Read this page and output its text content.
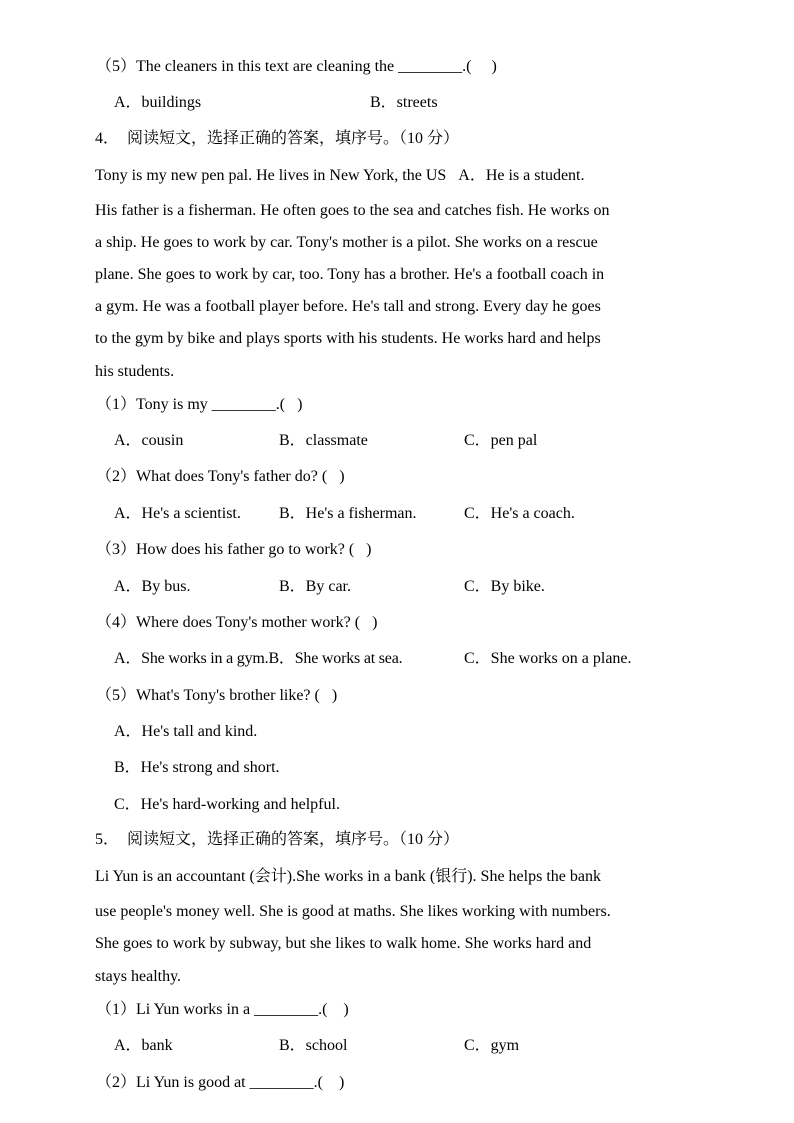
（5）The cleaners in this text are cleaning the ________.(     )
A．buildings	B．streets
4．　阅读短文，选择正确的答案，填序号。（10 分）
Tony is my new pen pal. He lives in New York, the US   A．He is a student.
His father is a fisherman. He often goes to the sea and catches fish. He works on
a ship. He goes to work by car. Tony's mother is a pilot. She works on a rescue
plane. She goes to work by car, too. Tony has a brother. He's a football coach in
a gym. He was a football player before. He's tall and strong. Every day he goes
to the gym by bike and plays sports with his students. He works hard and helps
his students.
（1）Tony is my ________.(   )
A．cousin	B．classmate	C．pen pal
（2）What does Tony's father do? (   )
A．He's a scientist. B．He's a fisherman.	C．He's a coach.
（3）How does his father go to work? (   )
A．By bus.	B．By car.	C．By bike.
（4）Where does Tony's mother work? (   )
A．She works in a gym.B．She works at sea.	C．She works on a plane.
（5）What's Tony's brother like? (   )
A．He's tall and kind.
B．He's strong and short.
C．He's hard-working and helpful.
5．　阅读短文，选择正确的答案，填序号。（10 分）
Li Yun is an accountant (会计).She works in a bank (银行). She helps the bank
use people's money well. She is good at maths. She likes working with numbers.
She goes to work by subway, but she likes to walk home. She works hard and
stays healthy.
（1）Li Yun works in a ________.(    )
A．bank	B．school	C．gym
（2）Li Yun is good at ________.(    )
